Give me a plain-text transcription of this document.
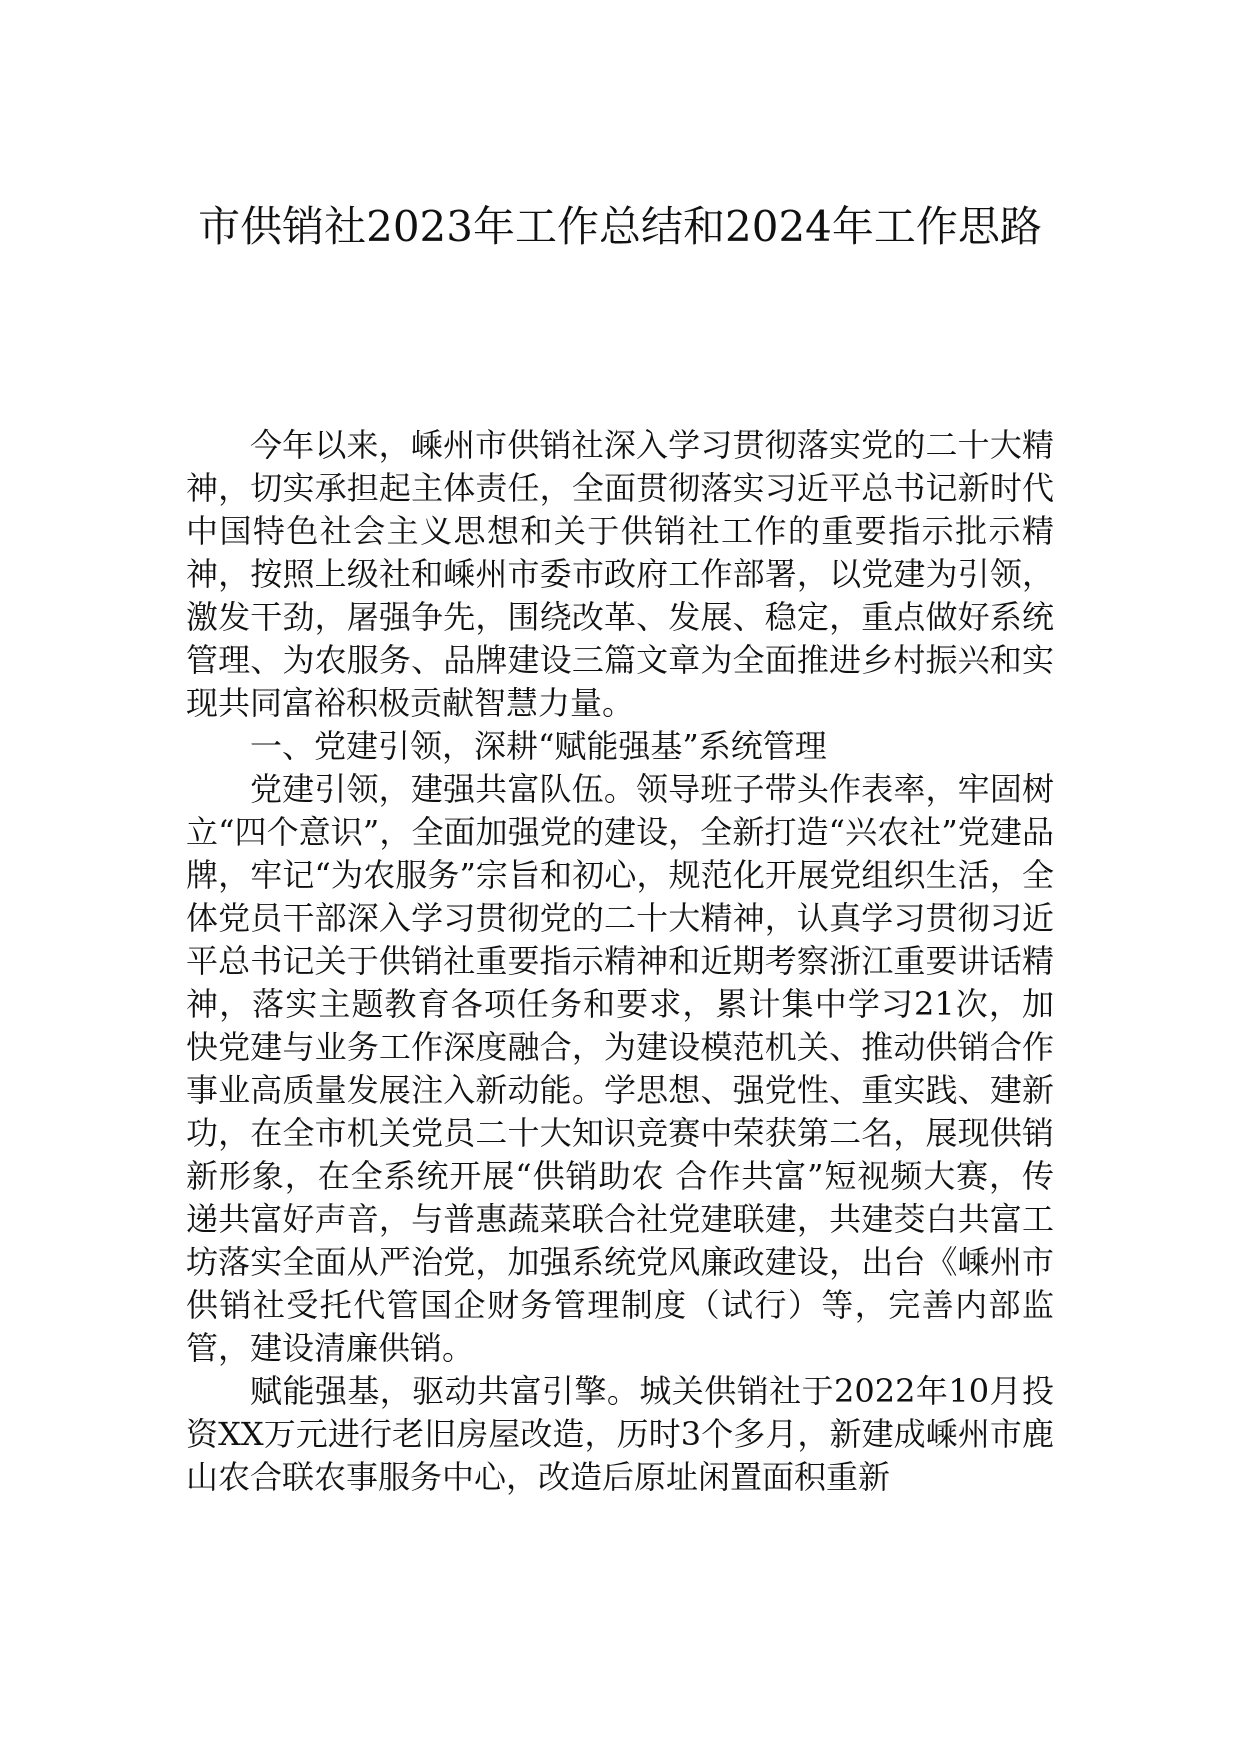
市供销社2023年工作总结和2024年工作思路

今年以来，嵊州市供销社深入学习贯彻落实党的二十大精神，切实承担起主体责任，全面贯彻落实习近平总书记新时代中国特色社会主义思想和关于供销社工作的重要指示批示精神，按照上级社和嵊州市委市政府工作部署，以党建为引领，激发干劲，屠强争先，围绕改革、发展、稳定，重点做好系统管理、为农服务、品牌建设三篇文章为全面推进乡村振兴和实现共同富裕积极贡献智慧力量。

一、党建引领，深耕“赋能强基”系统管理

党建引领，建强共富队伍。领导班子带头作表率，牢固树立“四个意识”，全面加强党的建设，全新打造“兴农社”党建品牌，牢记“为农服务”宗旨和初心，规范化开展党组织生活，全体党员干部深入学习贯彻党的二十大精神，认真学习贯彻习近平总书记关于供销社重要指示精神和近期考察浙江重要讲话精神，落实主题教育各项任务和要求，累计集中学习21次，加快党建与业务工作深度融合，为建设模范机关、推动供销合作事业高质量发展注入新动能。学思想、强党性、重实践、建新功，在全市机关党员二十大知识竞赛中荣获第二名，展现供销新形象，在全系统开展“供销助农 合作共富”短视频大赛，传递共富好声音，与普惠蔬菜联合社党建联建，共建茭白共富工坊落实全面从严治党，加强系统党风廉政建设，出台《嵊州市供销社受托代管国企财务管理制度（试行）等，完善内部监管，建设清廉供销。

赋能强基，驱动共富引擎。城关供销社于2022年10月投资XX万元进行老旧房屋改造，历时3个多月，新建成嵊州市鹿山农合联农事服务中心，改造后原址闲置面积重新
